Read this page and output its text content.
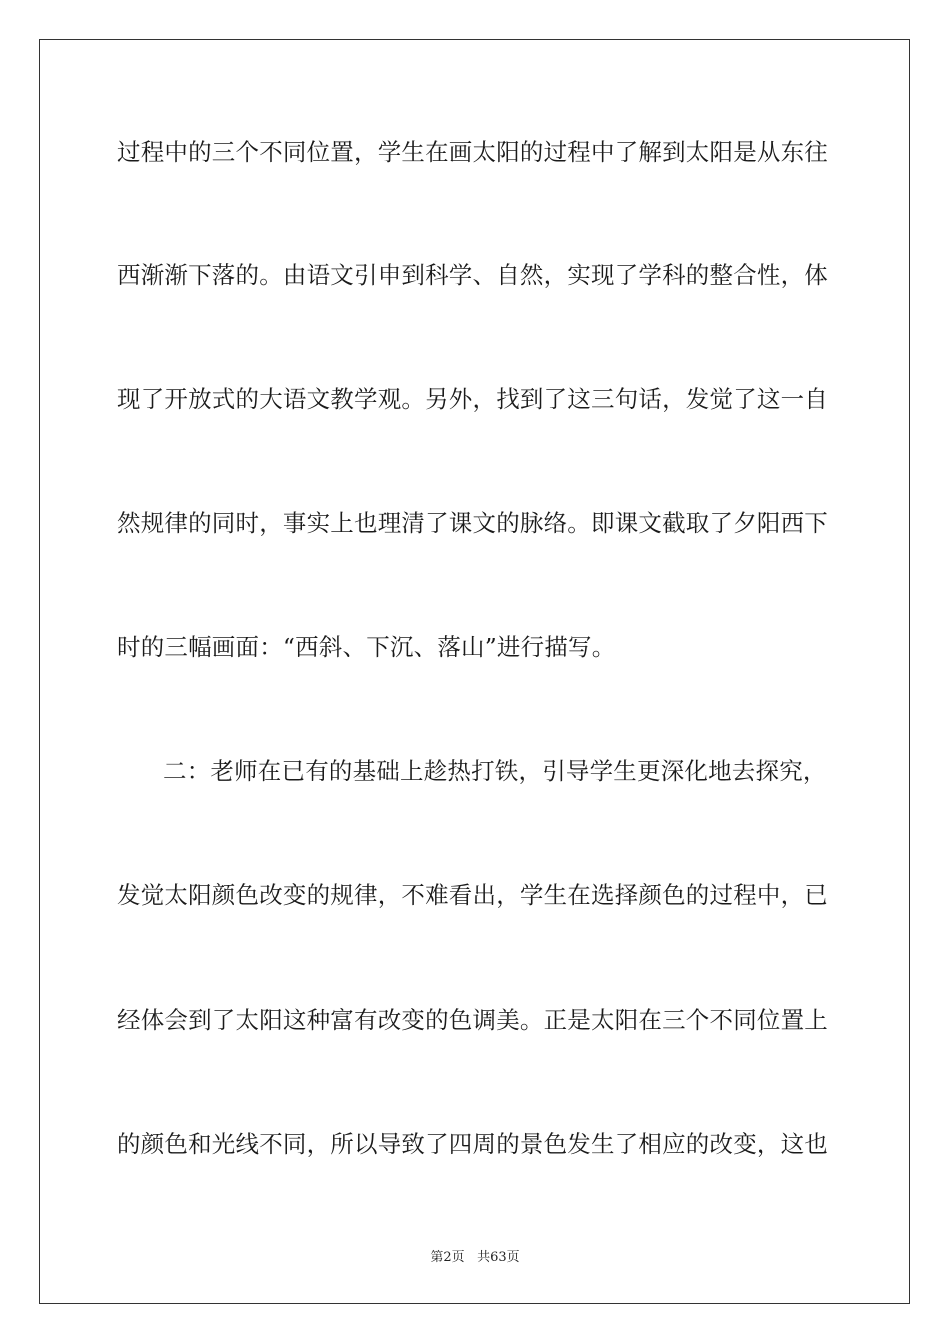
过程中的三个不同位置，学生在画太阳的过程中了解到太阳是从东往
西渐渐下落的。由语文引申到科学、自然，实现了学科的整合性，体
现了开放式的大语文教学观。另外，找到了这三句话，发觉了这一自
然规律的同时，事实上也理清了课文的脉络。即课文截取了夕阳西下
时的三幅画面：“西斜、下沉、落山”进行描写。
二：老师在已有的基础上趁热打铁，引导学生更深化地去探究，
发觉太阳颜色改变的规律，不难看出，学生在选择颜色的过程中，已
经体会到了太阳这种富有改变的色调美。正是太阳在三个不同位置上
的颜色和光线不同，所以导致了四周的景色发生了相应的改变，这也
第2页 共63页
